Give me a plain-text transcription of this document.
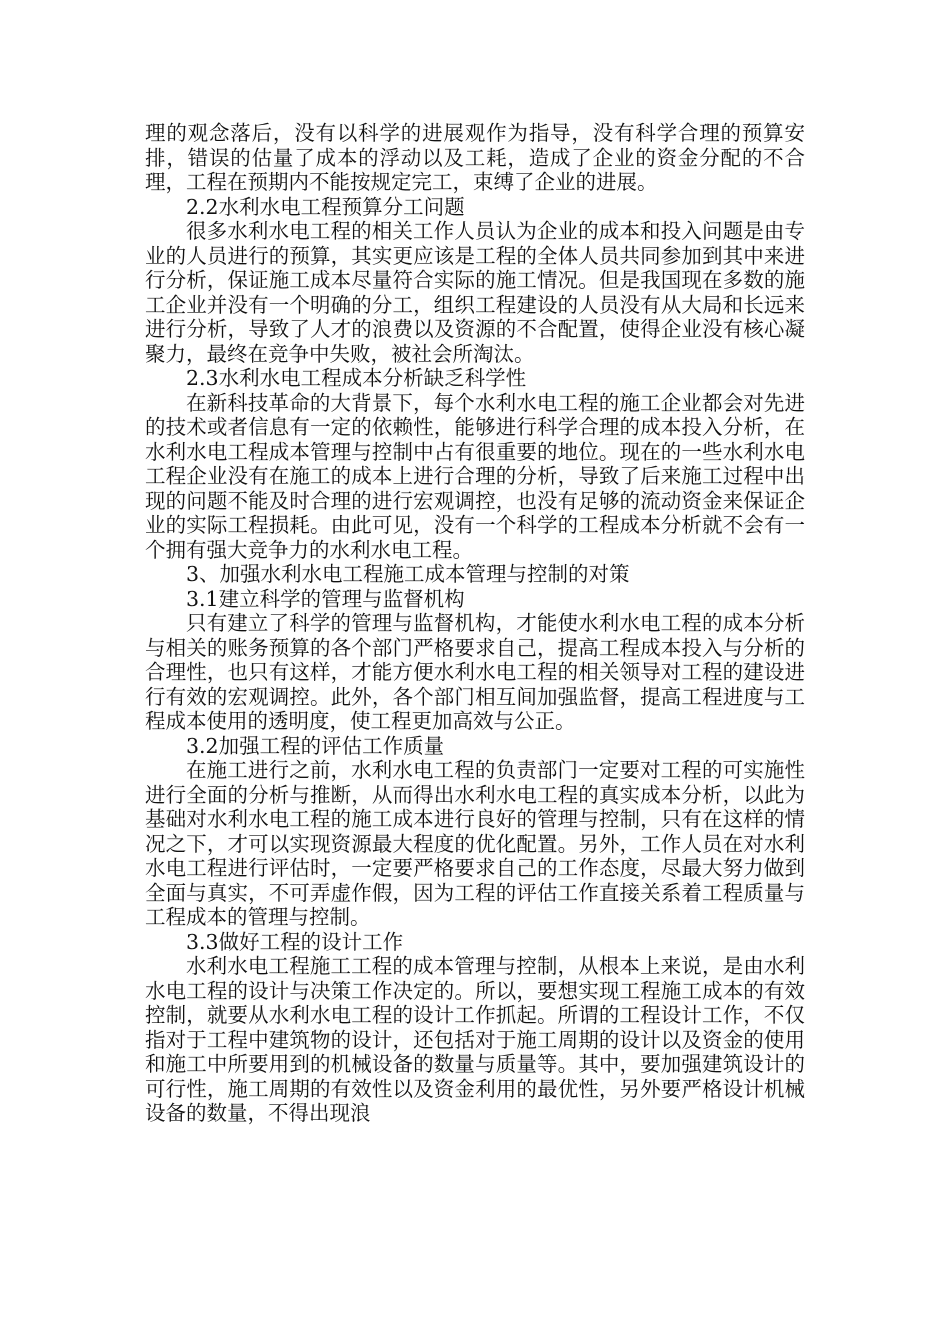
理的观念落后，没有以科学的进展观作为指导，没有科学合理的预算安排，错误的估量了成本的浮动以及工耗，造成了企业的资金分配的不合理，工程在预期内不能按规定完工，束缚了企业的进展。

2.2水利水电工程预算分工问题

很多水利水电工程的相关工作人员认为企业的成本和投入问题是由专业的人员进行的预算，其实更应该是工程的全体人员共同参加到其中来进行分析，保证施工成本尽量符合实际的施工情况。但是我国现在多数的施工企业并没有一个明确的分工，组织工程建设的人员没有从大局和长远来进行分析，导致了人才的浪费以及资源的不合配置，使得企业没有核心凝聚力，最终在竞争中失败，被社会所淘汰。

2.3水利水电工程成本分析缺乏科学性

在新科技革命的大背景下，每个水利水电工程的施工企业都会对先进的技术或者信息有一定的依赖性，能够进行科学合理的成本投入分析，在水利水电工程成本管理与控制中占有很重要的地位。现在的一些水利水电工程企业没有在施工的成本上进行合理的分析，导致了后来施工过程中出现的问题不能及时合理的进行宏观调控，也没有足够的流动资金来保证企业的实际工程损耗。由此可见，没有一个科学的工程成本分析就不会有一个拥有强大竞争力的水利水电工程。

3、加强水利水电工程施工成本管理与控制的对策

3.1建立科学的管理与监督机构

只有建立了科学的管理与监督机构，才能使水利水电工程的成本分析与相关的账务预算的各个部门严格要求自己，提高工程成本投入与分析的合理性，也只有这样，才能方便水利水电工程的相关领导对工程的建设进行有效的宏观调控。此外，各个部门相互间加强监督，提高工程进度与工程成本使用的透明度，使工程更加高效与公正。

3.2加强工程的评估工作质量

在施工进行之前，水利水电工程的负责部门一定要对工程的可实施性进行全面的分析与推断，从而得出水利水电工程的真实成本分析，以此为基础对水利水电工程的施工成本进行良好的管理与控制，只有在这样的情况之下，才可以实现资源最大程度的优化配置。另外，工作人员在对水利水电工程进行评估时，一定要严格要求自己的工作态度，尽最大努力做到全面与真实，不可弄虚作假，因为工程的评估工作直接关系着工程质量与工程成本的管理与控制。

3.3做好工程的设计工作

水利水电工程施工工程的成本管理与控制，从根本上来说，是由水利水电工程的设计与决策工作决定的。所以，要想实现工程施工成本的有效控制，就要从水利水电工程的设计工作抓起。所谓的工程设计工作，不仅指对于工程中建筑物的设计，还包括对于施工周期的设计以及资金的使用和施工中所要用到的机械设备的数量与质量等。其中，要加强建筑设计的可行性，施工周期的有效性以及资金利用的最优性，另外要严格设计机械设备的数量，不得出现浪
